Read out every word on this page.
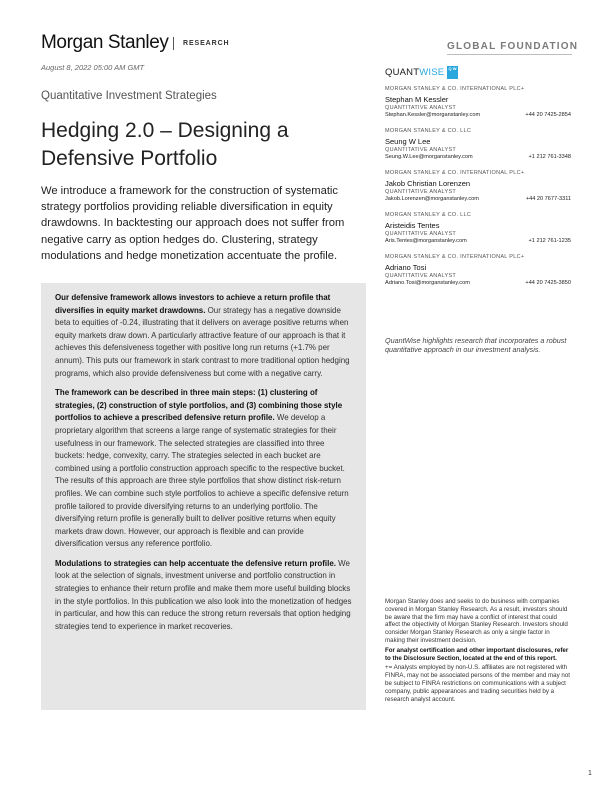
Morgan Stanley RESEARCH	GLOBAL FOUNDATION
August 8, 2022 05:00 AM GMT
Quantitative Investment Strategies
Hedging 2.0 – Designing a Defensive Portfolio
We introduce a framework for the construction of systematic strategy portfolios providing reliable diversification in equity drawdowns. In backtesting our approach does not suffer from negative carry as option hedges do. Clustering, strategy modulations and hedge monetization accentuate the profile.

Our defensive framework allows investors to achieve a return profile that diversifies in equity market drawdowns. Our strategy has a negative downside beta to equities of -0.24, illustrating that it delivers on average positive returns when equity markets draw down. A particularly attractive feature of our approach is that it achieves this defensiveness together with positive long run returns (+1.7% per annum). This puts our framework in stark contrast to more traditional option hedging programs, which also provide defensiveness but come with a negative carry.

The framework can be described in three main steps: (1) clustering of strategies, (2) construction of style portfolios, and (3) combining those style portfolios to achieve a prescribed defensive return profile. We develop a proprietary algorithm that screens a large range of systematic strategies for their usefulness in our framework. The selected strategies are classified into three buckets: hedge, convexity, carry. The strategies selected in each bucket are combined using a portfolio construction approach specific to the respective bucket. The results of this approach are three style portfolios that show distinct risk-return profiles. We can combine such style portfolios to achieve a specific defensive return profile tailored to provide diversifying returns to an underlying portfolio. The diversifying return profile is generally built to deliver positive returns when equity markets draw down. However, our approach is flexible and can provide diversification versus any reference portfolio.

Modulations to strategies can help accentuate the defensive return profile. We look at the selection of signals, investment universe and portfolio construction in strategies to enhance their return profile and make them more useful building blocks in the style portfolios. In this publication we also look into the monetization of hedges in particular, and how this can reduce the strong return reversals that option hedging strategies tend to experience in market recoveries.

QUANTWISE	Q W
MORGAN STANLEY & CO. INTERNATIONAL PLC+
Stephan M Kessler
QUANTITATIVE ANALYST
Stephan.Kessler@morganstanley.com	+44 20 7425-2854
MORGAN STANLEY & CO. LLC
Seung W Lee
QUANTITATIVE ANALYST
Seung.W.Lee@morganstanley.com	+1 212 761-3348
MORGAN STANLEY & CO. INTERNATIONAL PLC+
Jakob Christian Lorenzen
QUANTITATIVE ANALYST
Jakob.Lorenzen@morganstanley.com	+44 20 7677-3311
MORGAN STANLEY & CO. LLC
Aristeidis Tentes
QUANTITATIVE ANALYST
Aris.Tentes@morganstanley.com	+1 212 761-1235
MORGAN STANLEY & CO. INTERNATIONAL PLC+
Adriano Tosi
QUANTITATIVE ANALYST
Adriano.Tosi@morganstanley.com	+44 20 7425-3850
QuantWise highlights research that incorporates a robust quantitative approach in our investment analysis.

Morgan Stanley does and seeks to do business with companies covered in Morgan Stanley Research. As a result, investors should be aware that the firm may have a conflict of interest that could affect the objectivity of Morgan Stanley Research. Investors should consider Morgan Stanley Research as only a single factor in making their investment decision.

For analyst certification and other important disclosures, refer to the Disclosure Section, located at the end of this report.

+= Analysts employed by non-U.S. affiliates are not registered with FINRA, may not be associated persons of the member and may not be subject to FINRA restrictions on communications with a subject company, public appearances and trading securities held by a research analyst account.

1
